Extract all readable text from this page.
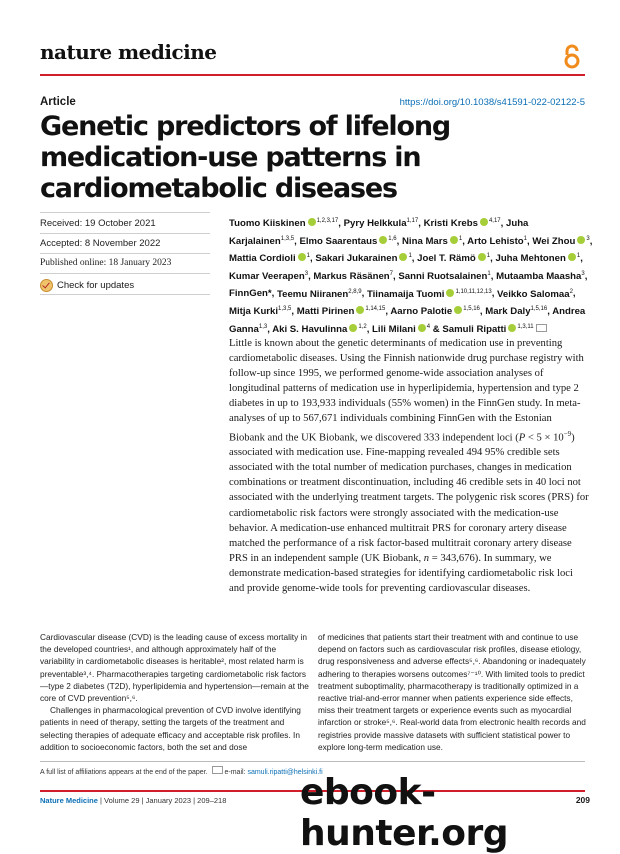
nature medicine
Article	https://doi.org/10.1038/s41591-022-02122-5
Genetic predictors of lifelong medication-use patterns in cardiometabolic diseases
Received: 19 October 2021
Accepted: 8 November 2022
Published online: 18 January 2023
Check for updates
Tuomo Kiiskinen $^{1,2,3,17}$, Pyry Helkkula$^{1,17}$, Kristi Krebs $^{4,17}$, Juha Karjalainen$^{1,3,5}$, Elmo Saarentaus $^{1,6}$, Nina Mars $^1$, Arto Lehisto$^1$, Wei Zhou $^3$, Mattia Cordioli $^1$, Sakari Jukarainen $^1$, Joel T. Rämö $^1$, Juha Mehtonen $^1$, Kumar Veerapen$^3$, Markus Räsänen$^7$, Sanni Ruotsalainen$^1$, Mutaamba Maasha$^3$, FinnGen*, Teemu Niiranen$^{2,8,9}$, Tiinamaija Tuomi $^{1,10,11,12,13}$, Veikko Salomaa$^2$, Mitja Kurki$^{1,3,5}$, Matti Pirinen $^{1,14,15}$, Aarno Palotie $^{1,5,16}$, Mark Daly$^{1,5,16}$, Andrea Ganna$^{1,3}$, Aki S. Havulinna $^{1,2}$, Lili Milani $^4$ & Samuli Ripatti $^{1,3,11}$

Little is known about the genetic determinants of medication use in preventing cardiometabolic diseases. Using the Finnish nationwide drug purchase registry with follow-up since 1995, we performed genome-wide association analyses of longitudinal patterns of medication use in hyperlipidemia, hypertension and type 2 diabetes in up to 193,933 individuals (55% women) in the FinnGen study. In meta-analyses of up to 567,671 individuals combining FinnGen with the Estonian Biobank and the UK Biobank, we discovered 333 independent loci $(P < 5 \times 10^{-9})$ associated with medication use. Fine-mapping revealed 494 95% credible sets associated with the total number of medication purchases, changes in medication combinations or treatment discontinuation, including 46 credible sets in 40 loci not associated with the underlying treatment targets. The polygenic risk scores (PRS) for cardiometabolic risk factors were strongly associated with the medication-use behavior. A medication-use enhanced multitrait PRS for coronary artery disease matched the performance of a risk factor-based multitrait coronary artery disease PRS in an independent sample (UK Biobank, n = 343,676). In summary, we demonstrate medication-based strategies for identifying cardiometabolic risk loci and provide genome-wide tools for preventing cardiovascular diseases.

Cardiovascular disease (CVD) is the leading cause of excess mortality in the developed countries¹, and although approximately half of the variability in cardiometabolic diseases is heritable², most related harm is preventable³,⁴. Pharmacotherapies targeting cardiometabolic risk factors—type 2 diabetes (T2D), hyperlipidemia and hypertension—remain at the core of CVD prevention⁵,⁶.

Challenges in pharmacological prevention of CVD involve identifying patients in need of therapy, setting the targets of the treatment and selecting therapies of adequate efficacy and acceptable risk profiles. In addition to socioeconomic factors, both the set and dose

of medicines that patients start their treatment with and continue to use depend on factors such as cardiovascular risk profiles, disease etiology, drug responsiveness and adverse effects⁵,⁶. Abandoning or inadequately adhering to therapies worsens outcomes⁷⁻¹⁰. With limited tools to predict treatment suboptimality, pharmacotherapy is traditionally optimized in a reactive trial-and-error manner when patients experience side effects, miss their treatment targets or experience events such as myocardial infarction or stroke⁵,⁶. Real-world data from electronic health records and registries provide massive datasets with sufficient statistical power to explore long-term medication use.

A full list of affiliations appears at the end of the paper. e-mail: samuli.ripatti@helsinki.fi
Nature Medicine | Volume 29 | January 2023 | 209–218	209
ebook-hunter.org
